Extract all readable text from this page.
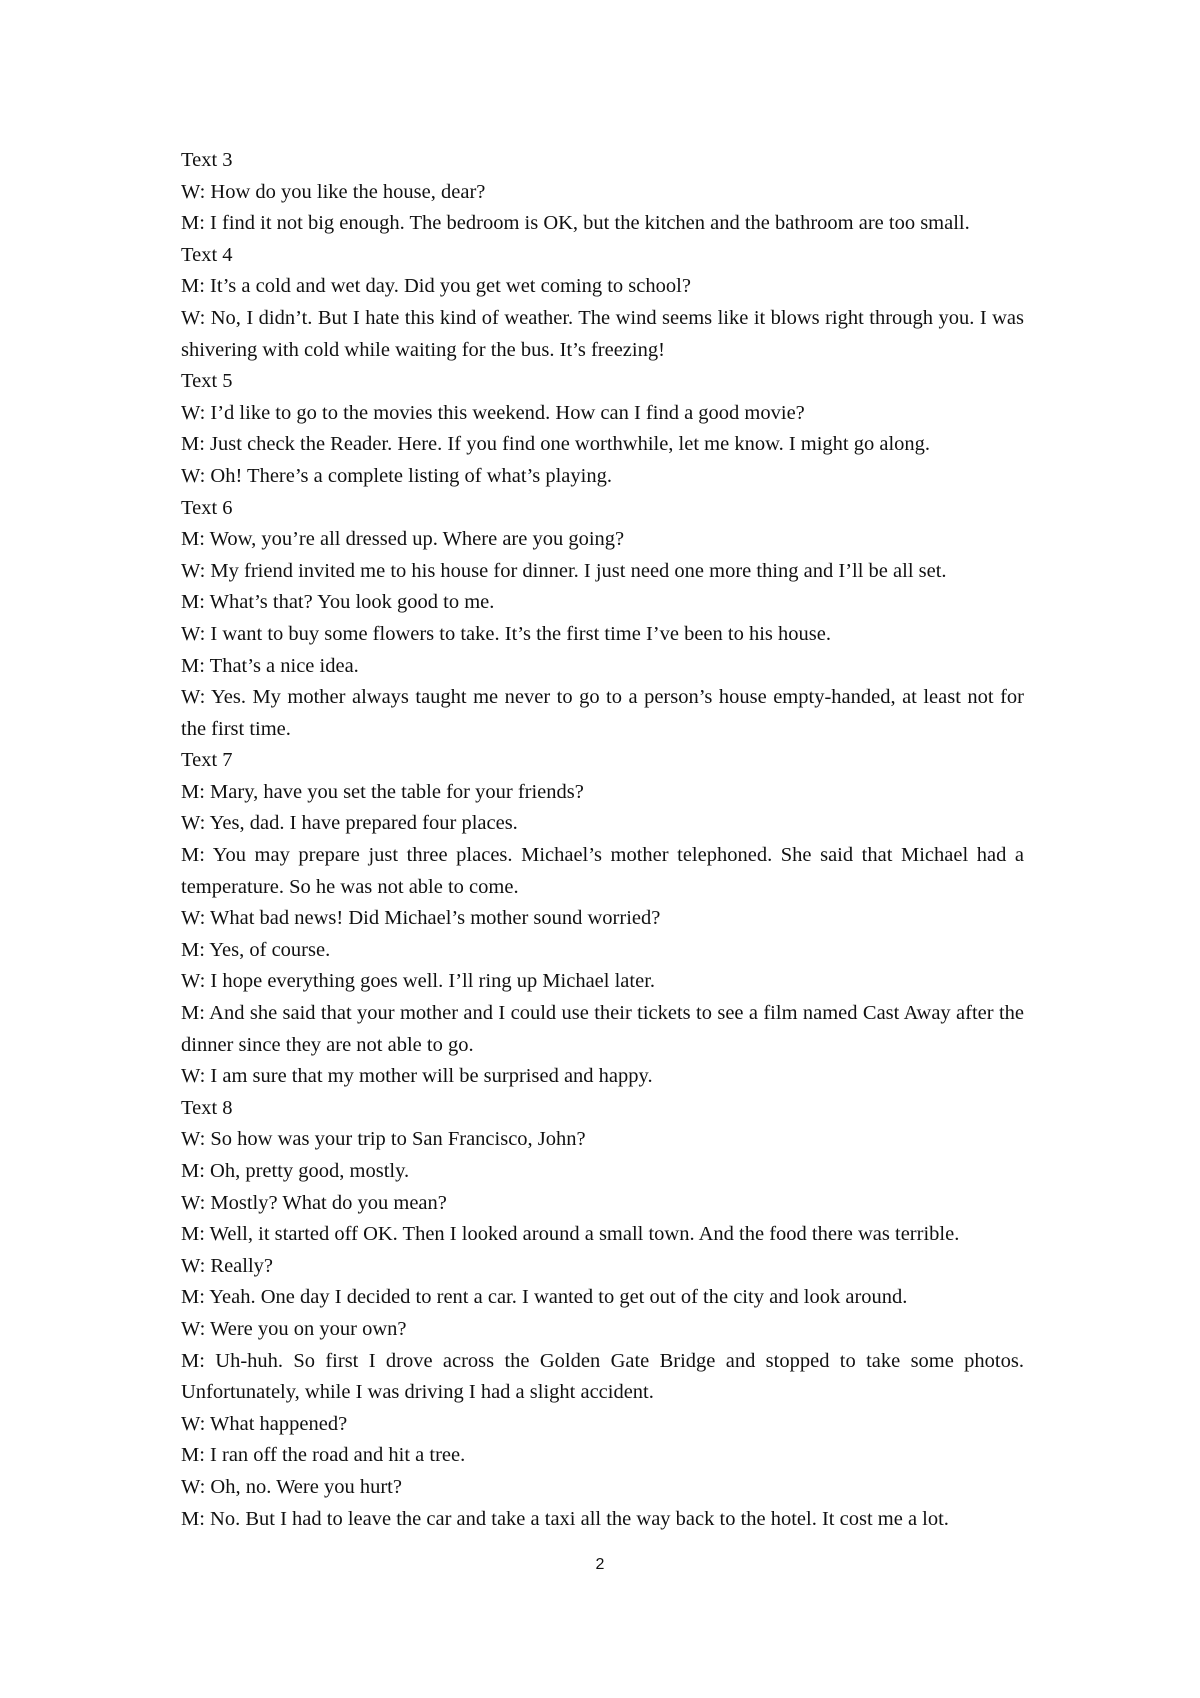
Text 3
W: How do you like the house, dear?
M: I find it not big enough. The bedroom is OK, but the kitchen and the bathroom are too small.
Text 4
M: It’s a cold and wet day. Did you get wet coming to school?
W: No, I didn’t. But I hate this kind of weather. The wind seems like it blows right through you. I was shivering with cold while waiting for the bus. It’s freezing!
Text 5
W: I’d like to go to the movies this weekend. How can I find a good movie?
M: Just check the Reader. Here. If you find one worthwhile, let me know. I might go along.
W: Oh! There’s a complete listing of what’s playing.
Text 6
M: Wow, you’re all dressed up. Where are you going?
W: My friend invited me to his house for dinner. I just need one more thing and I’ll be all set.
M: What’s that? You look good to me.
W: I want to buy some flowers to take. It’s the first time I’ve been to his house.
M: That’s a nice idea.
W: Yes. My mother always taught me never to go to a person’s house empty-handed, at least not for the first time.
Text 7
M: Mary, have you set the table for your friends?
W: Yes, dad. I have prepared four places.
M: You may prepare just three places. Michael’s mother telephoned. She said that Michael had a temperature. So he was not able to come.
W: What bad news! Did Michael’s mother sound worried?
M: Yes, of course.
W: I hope everything goes well. I’ll ring up Michael later.
M: And she said that your mother and I could use their tickets to see a film named Cast Away after the dinner since they are not able to go.
W: I am sure that my mother will be surprised and happy.
Text 8
W: So how was your trip to San Francisco, John?
M: Oh, pretty good, mostly.
W: Mostly? What do you mean?
M: Well, it started off OK. Then I looked around a small town. And the food there was terrible.
W: Really?
M: Yeah. One day I decided to rent a car. I wanted to get out of the city and look around.
W: Were you on your own?
M: Uh-huh. So first I drove across the Golden Gate Bridge and stopped to take some photos. Unfortunately, while I was driving I had a slight accident.
W: What happened?
M: I ran off the road and hit a tree.
W: Oh, no. Were you hurt?
M: No. But I had to leave the car and take a taxi all the way back to the hotel. It cost me a lot.
2
